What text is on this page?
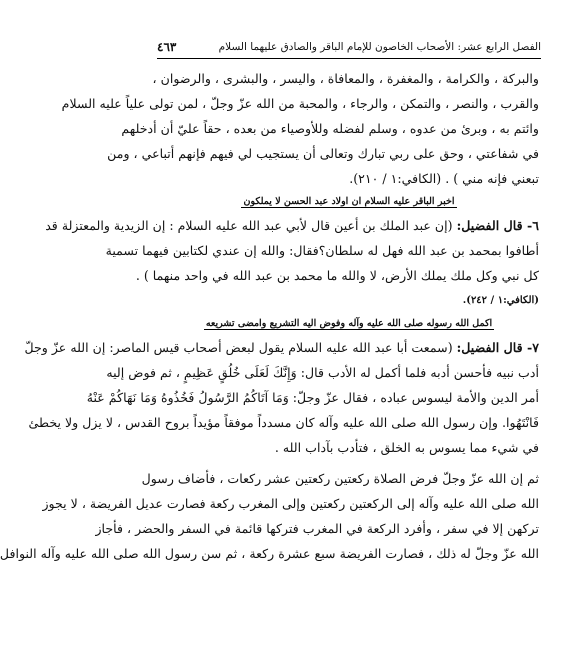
الفصل الرابع عشر: الأصحاب الخاصون للإمام الباقر والصادق عليهما السلام
٤٦٣
والبركة ، والكرامة ، والمغفرة ، والمعافاة ، واليسر ، والبشرى ، والرضوان ،
والقرب ، والنصر ، والتمكن ، والرجاء ، والمحبة من الله عزّ وجلّ ، لمن تولى علياً عليه السلام
وائتم به ، وبرئ من عدوه ، وسلم لفضله وللأوصياء من بعده ، حقاً عليّ أن أدخلهم
في شفاعتي ، وحق على ربي تبارك وتعالى أن يستجيب لي فيهم فإنهم أتباعي ، ومن
تبعني فإنه مني ) . (الكافي:١ / ٢١٠).
اخبر الباقر عليه السلام ان اولاد عبد الحسن لا يملكون
٦- قال الفضيل: (إن عبد الملك بن أعين قال لأبي عبد الله عليه السلام : إن الزيدية والمعتزلة قد
أطافوا بمحمد بن عبد الله فهل له سلطان؟فقال: والله إن عندي لكتابين فيهما تسمية
كل نبي وكل ملك يملك الأرض، لا والله ما محمد بن عبد الله في واحد منهما ) .
(الكافي:١ / ٢٤٢).
اكمل الله رسوله صلى الله عليه وآله وفوض اليه التشريع وامضى تشريعه
٧- قال الفضيل: (سمعت أبا عبد الله عليه السلام يقول لبعض أصحاب قيس الماصر: إن الله عزّ وجلّ
أدب نبيه فأحسن أدبه فلما أكمل له الأدب قال: وَإِنَّكَ لَعَلَى خُلُقٍ عَظِيمٍ ، ثم فوض إليه
أمر الدين والأمة ليسوس عباده ، فقال عزّ وجلّ: وَمَا آتَاكُمُ الرَّسُولُ فَخُذُوهُ وَمَا نَهَاكُمْ عَنْهُ
فَانْتَهُوا. وإن رسول الله صلى الله عليه وآله كان مسدداً موفقاً مؤيداً بروح القدس ، لا يزل ولا يخطئ
في شيء مما يسوس به الخلق ، فتأدب بآداب الله .
ثم إن الله عزّ وجلّ فرض الصلاة ركعتين ركعتين عشر ركعات ، فأضاف رسول
الله صلى الله عليه وآله إلى الركعتين ركعتين وإلى المغرب ركعة فصارت عديل الفريضة ، لا يجوز
تركهن إلا في سفر ، وأفرد الركعة في المغرب فتركها قائمة في السفر والحضر ، فأجاز
الله عزّ وجلّ له ذلك ، فصارت الفريضة سبع عشرة ركعة ، ثم سن رسول الله صلى الله عليه وآله النوافل
